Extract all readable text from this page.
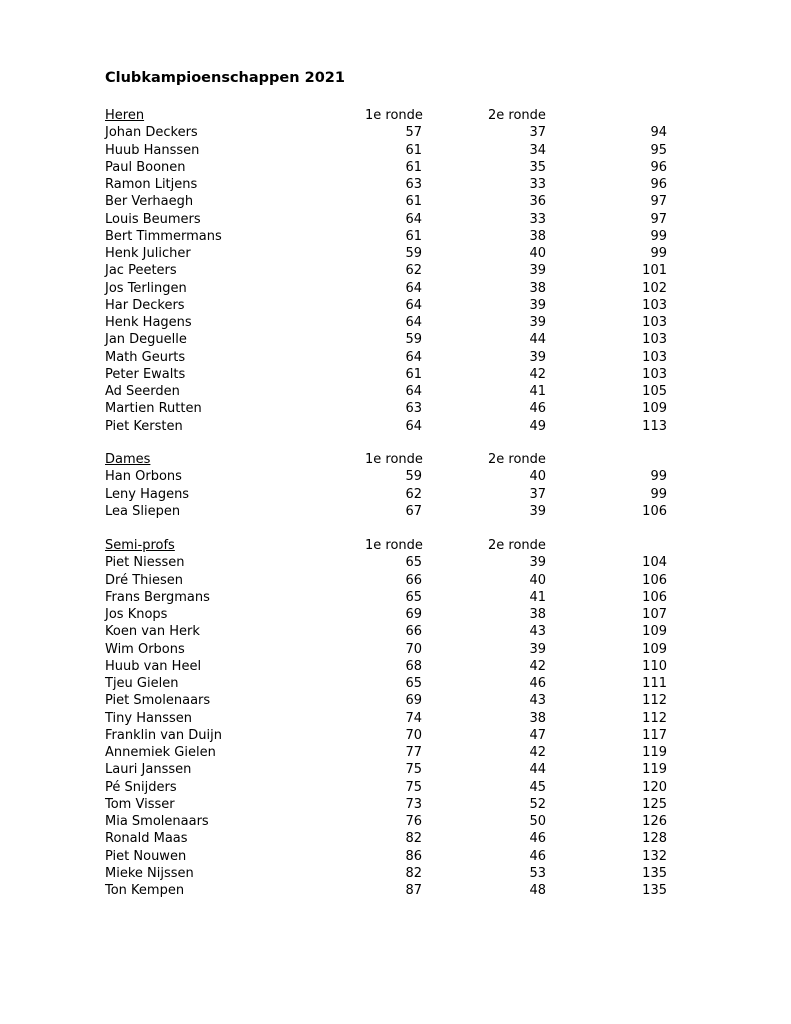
Clubkampioenschappen 2021
Heren	1e ronde	2e ronde
Johan Deckers	57	37	94
Huub Hanssen	61	34	95
Paul Boonen	61	35	96
Ramon Litjens	63	33	96
Ber Verhaegh	61	36	97
Louis Beumers	64	33	97
Bert Timmermans	61	38	99
Henk Julicher	59	40	99
Jac Peeters	62	39	101
Jos Terlingen	64	38	102
Har Deckers	64	39	103
Henk Hagens	64	39	103
Jan Deguelle	59	44	103
Math Geurts	64	39	103
Peter Ewalts	61	42	103
Ad Seerden	64	41	105
Martien Rutten	63	46	109
Piet Kersten	64	49	113
Dames	1e ronde	2e ronde
Han Orbons	59	40	99
Leny Hagens	62	37	99
Lea Sliepen	67	39	106
Semi-profs	1e ronde	2e ronde
Piet Niessen	65	39	104
Dré Thiesen	66	40	106
Frans Bergmans	65	41	106
Jos Knops	69	38	107
Koen van Herk	66	43	109
Wim Orbons	70	39	109
Huub van Heel	68	42	110
Tjeu Gielen	65	46	111
Piet Smolenaars	69	43	112
Tiny Hanssen	74	38	112
Franklin van Duijn	70	47	117
Annemiek Gielen	77	42	119
Lauri Janssen	75	44	119
Pé Snijders	75	45	120
Tom Visser	73	52	125
Mia Smolenaars	76	50	126
Ronald Maas	82	46	128
Piet Nouwen	86	46	132
Mieke Nijssen	82	53	135
Ton Kempen	87	48	135
